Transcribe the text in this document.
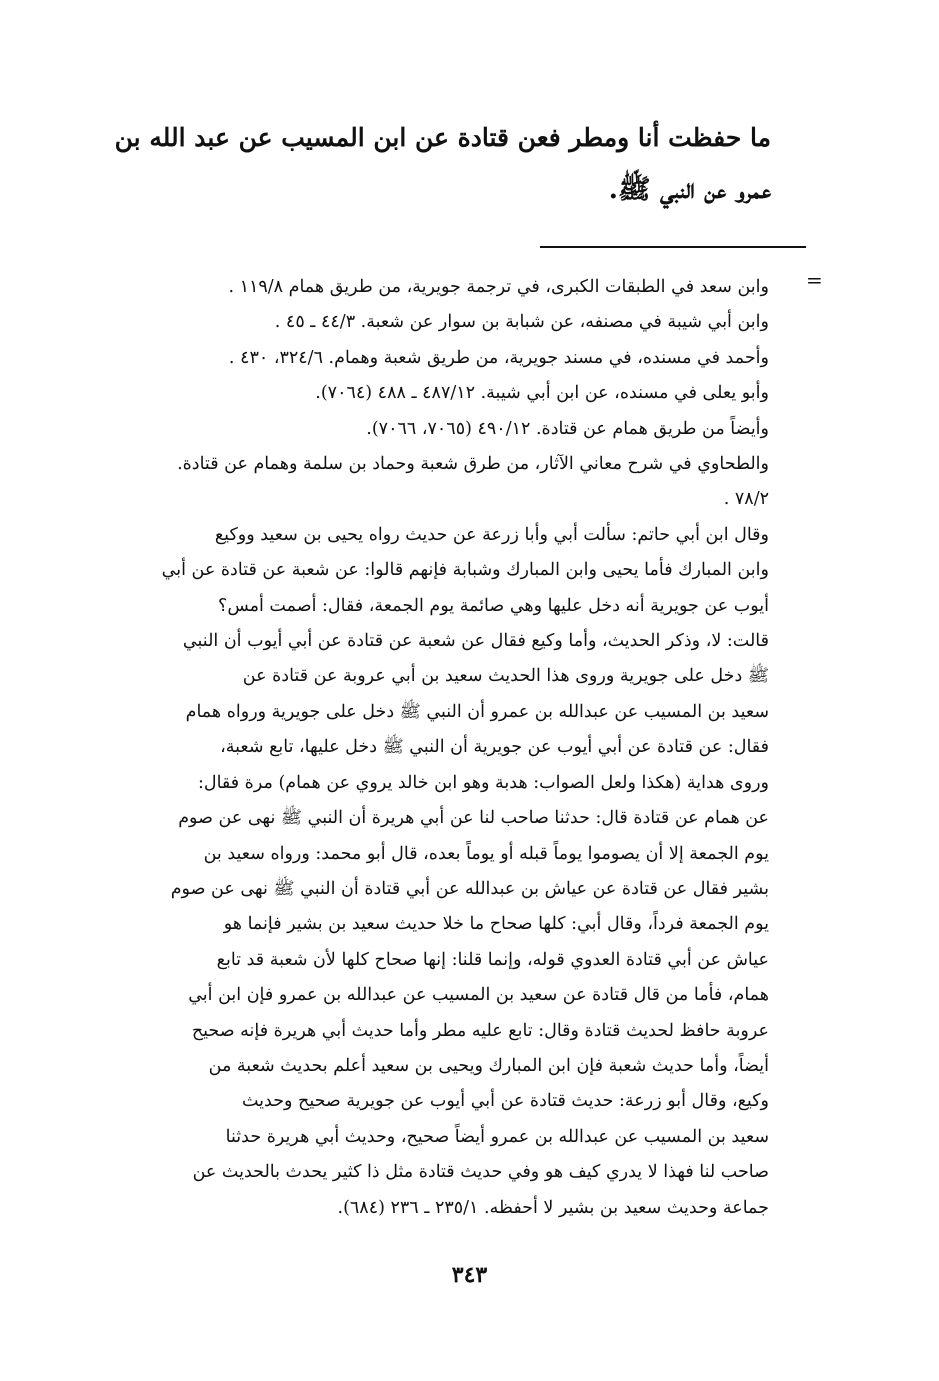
ما حفظت أنا ومطر فعن قتادة عن ابن المسيب عن عبد الله بن
عمرو عن النبي ﷺ.
=
وابن سعد في الطبقات الكبرى، في ترجمة جويرية، من طريق همام ١١٩/٨ .
وابن أبي شيبة في مصنفه، عن شبابة بن سوار عن شعبة. ٤٤/٣ ـ ٤٥ .
وأحمد في مسنده، في مسند جويرية، من طريق شعبة وهمام. ٣٢٤/٦، ٤٣٠ .
وأبو يعلى في مسنده، عن ابن أبي شيبة. ٤٨٧/١٢ ـ ٤٨٨ (٧٠٦٤).
وأيضاً من طريق همام عن قتادة. ٤٩٠/١٢ (٧٠٦٥، ٧٠٦٦).
والطحاوي في شرح معاني الآثار، من طرق شعبة وحماد بن سلمة وهمام عن قتادة.
٧٨/٢ .
وقال ابن أبي حاتم: سألت أبي وأبا زرعة عن حديث رواه يحيى بن سعيد ووكيع
وابن المبارك فأما يحيى وابن المبارك وشبابة فإنهم قالوا: عن شعبة عن قتادة عن أبي
أيوب عن جويرية أنه دخل عليها وهي صائمة يوم الجمعة، فقال: أصمت أمس؟
قالت: لا، وذكر الحديث، وأما وكيع فقال عن شعبة عن قتادة عن أبي أيوب أن النبي
ﷺ دخل على جويرية وروى هذا الحديث سعيد بن أبي عروبة عن قتادة عن
سعيد بن المسيب عن عبدالله بن عمرو أن النبي ﷺ دخل على جويرية ورواه همام
فقال: عن قتادة عن أبي أيوب عن جويرية أن النبي ﷺ دخل عليها، تابع شعبة،
وروى هداية (هكذا ولعل الصواب: هدبة وهو ابن خالد يروي عن همام) مرة فقال:
عن همام عن قتادة قال: حدثنا صاحب لنا عن أبي هريرة أن النبي ﷺ نهى عن صوم
يوم الجمعة إلا أن يصوموا يوماً قبله أو يوماً بعده، قال أبو محمد: ورواه سعيد بن
بشير فقال عن قتادة عن عياش بن عبدالله عن أبي قتادة أن النبي ﷺ نهى عن صوم
يوم الجمعة فرداً، وقال أبي: كلها صحاح ما خلا حديث سعيد بن بشير فإنما هو
عياش عن أبي قتادة العدوي قوله، وإنما قلنا: إنها صحاح كلها لأن شعبة قد تابع
همام، فأما من قال قتادة عن سعيد بن المسيب عن عبدالله بن عمرو فإن ابن أبي
عروبة حافظ لحديث قتادة وقال: تابع عليه مطر وأما حديث أبي هريرة فإنه صحيح
أيضاً، وأما حديث شعبة فإن ابن المبارك ويحيى بن سعيد أعلم بحديث شعبة من
وكيع، وقال أبو زرعة: حديث قتادة عن أبي أيوب عن جويرية صحيح وحديث
سعيد بن المسيب عن عبدالله بن عمرو أيضاً صحيح، وحديث أبي هريرة حدثنا
صاحب لنا فهذا لا يدري كيف هو وفي حديث قتادة مثل ذا كثير يحدث بالحديث عن
جماعة وحديث سعيد بن بشير لا أحفظه. ٢٣٥/١ ـ ٢٣٦ (٦٨٤).
٣٤٣
